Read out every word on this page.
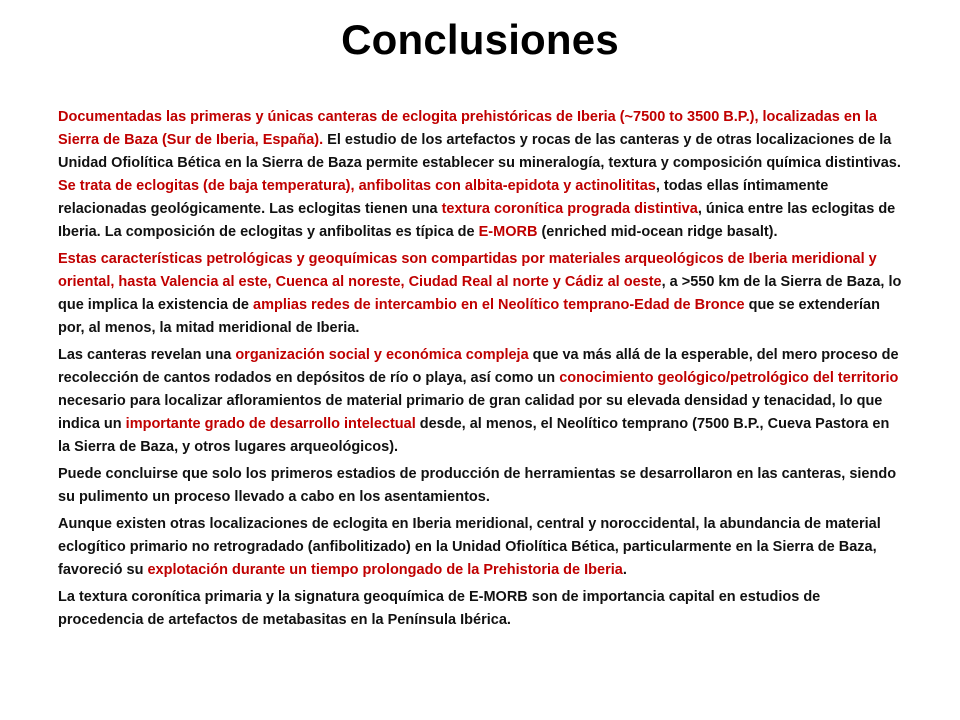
Conclusiones
Documentadas las primeras y únicas canteras de eclogita prehistóricas de Iberia (~7500 to 3500 B.P.), localizadas en la Sierra de Baza (Sur de Iberia, España). El estudio de los artefactos y rocas de las canteras y de otras localizaciones de la Unidad Ofiolítica Bética en la Sierra de Baza permite establecer su mineralogía, textura y composición química distintivas. Se trata de eclogitas (de baja temperatura), anfibolitas con albita-epidota y actinolititas, todas ellas íntimamente relacionadas geológicamente. Las eclogitas tienen una textura coronítica prograda distintiva, única entre las eclogitas de Iberia. La composición de eclogitas y anfibolitas es típica de E-MORB (enriched mid-ocean ridge basalt).
Estas características petrológicas y geoquímicas son compartidas por materiales arqueológicos de Iberia meridional y oriental, hasta Valencia al este, Cuenca al noreste, Ciudad Real al norte y Cádiz al oeste, a >550 km de la Sierra de Baza, lo que implica la existencia de amplias redes de intercambio en el Neolítico temprano-Edad de Bronce que se extenderían por, al menos, la mitad meridional de Iberia.
Las canteras revelan una organización social y económica compleja que va más allá de la esperable, del mero proceso de recolección de cantos rodados en depósitos de río o playa, así como un conocimiento geológico/petrológico del territorio necesario para localizar afloramientos de material primario de gran calidad por su elevada densidad y tenacidad, lo que indica un importante grado de desarrollo intelectual desde, al menos, el Neolítico temprano (7500 B.P., Cueva Pastora en la Sierra de Baza, y otros lugares arqueológicos).
Puede concluirse que solo los primeros estadios de producción de herramientas se desarrollaron en las canteras, siendo su pulimento un proceso llevado a cabo en los asentamientos.
Aunque existen otras localizaciones de eclogita en Iberia meridional, central y noroccidental, la abundancia de material eclogítico primario no retrogradado (anfibolitizado) en la Unidad Ofiolítica Bética, particularmente en la Sierra de Baza, favoreció su explotación durante un tiempo prolongado de la Prehistoria de Iberia.
La textura coronítica primaria y la signatura geoquímica de E-MORB son de importancia capital en estudios de procedencia de artefactos de metabasitas en la Península Ibérica.
